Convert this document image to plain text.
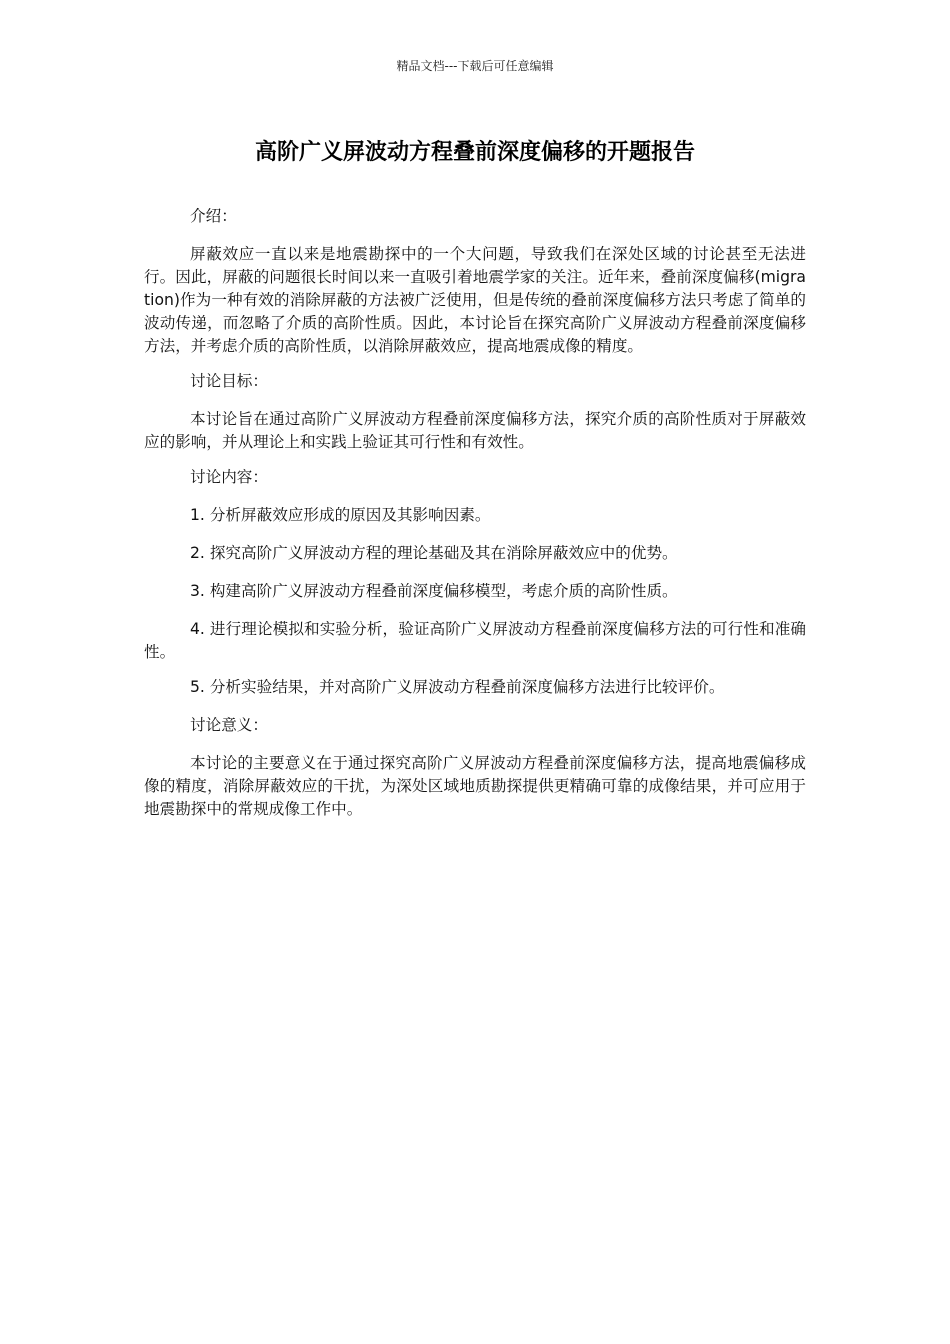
精品文档---下载后可任意编辑
高阶广义屏波动方程叠前深度偏移的开题报告

介绍：

屏蔽效应一直以来是地震勘探中的一个大问题，导致我们在深处区域的讨论甚至无法进行。因此，屏蔽的问题很长时间以来一直吸引着地震学家的关注。近年来，叠前深度偏移(migration)作为一种有效的消除屏蔽的方法被广泛使用，但是传统的叠前深度偏移方法只考虑了简单的波动传递，而忽略了介质的高阶性质。因此，本讨论旨在探究高阶广义屏波动方程叠前深度偏移方法，并考虑介质的高阶性质，以消除屏蔽效应，提高地震成像的精度。

讨论目标：

本讨论旨在通过高阶广义屏波动方程叠前深度偏移方法，探究介质的高阶性质对于屏蔽效应的影响，并从理论上和实践上验证其可行性和有效性。

讨论内容：

1. 分析屏蔽效应形成的原因及其影响因素。

2. 探究高阶广义屏波动方程的理论基础及其在消除屏蔽效应中的优势。

3. 构建高阶广义屏波动方程叠前深度偏移模型，考虑介质的高阶性质。

4. 进行理论模拟和实验分析，验证高阶广义屏波动方程叠前深度偏移方法的可行性和准确性。

5. 分析实验结果，并对高阶广义屏波动方程叠前深度偏移方法进行比较评价。

讨论意义：

本讨论的主要意义在于通过探究高阶广义屏波动方程叠前深度偏移方法，提高地震偏移成像的精度，消除屏蔽效应的干扰，为深处区域地质勘探提供更精确可靠的成像结果，并可应用于地震勘探中的常规成像工作中。
